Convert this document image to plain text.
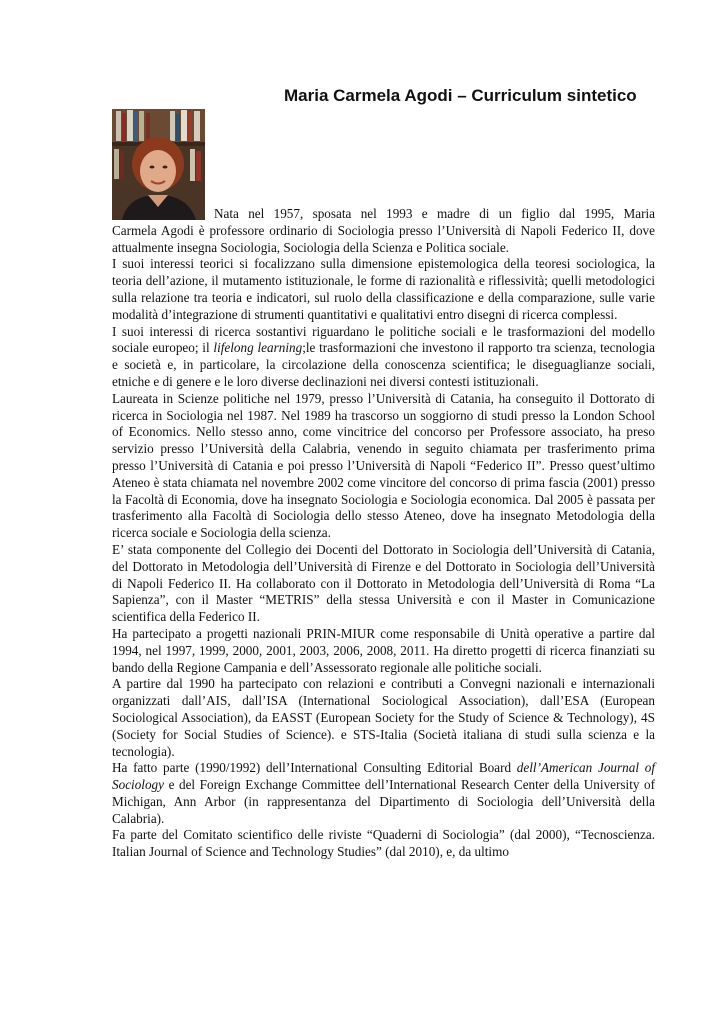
Maria Carmela Agodi – Curriculum sintetico

Nata nel 1957, sposata nel 1993 e madre di un figlio dal 1995, Maria
Carmela Agodi è professore ordinario di Sociologia presso l’Università di Napoli Federico II, dove attualmente insegna Sociologia, Sociologia della Scienza e Politica sociale.

I suoi interessi teorici si focalizzano sulla dimensione epistemologica della teoresi sociologica, la teoria dell’azione, il mutamento istituzionale, le forme di razionalità e riflessività; quelli metodologici sulla relazione tra teoria e indicatori, sul ruolo della classificazione e della comparazione, sulle varie modalità d’integrazione di strumenti quantitativi e qualitativi entro disegni di ricerca complessi.

I suoi interessi di ricerca sostantivi riguardano le politiche sociali e le trasformazioni del modello sociale europeo; il lifelong learning;le trasformazioni che investono il rapporto tra scienza, tecnologia e società e, in particolare, la circolazione della conoscenza scientifica; le diseguaglianze sociali, etniche e di genere e le loro diverse declinazioni nei diversi contesti istituzionali.

Laureata in Scienze politiche nel 1979, presso l’Università di Catania, ha conseguito il Dottorato di ricerca in Sociologia nel 1987. Nel 1989 ha trascorso un soggiorno di studi presso la London School of Economics. Nello stesso anno, come vincitrice del concorso per Professore associato, ha preso servizio presso l’Università della Calabria, venendo in seguito chiamata per trasferimento prima presso l’Università di Catania e poi presso l’Università di Napoli “Federico II”. Presso quest’ultimo Ateneo è stata chiamata nel novembre 2002 come vincitore del concorso di prima fascia (2001) presso la Facoltà di Economia, dove ha insegnato Sociologia e Sociologia economica. Dal 2005 è passata per trasferimento alla Facoltà di Sociologia dello stesso Ateneo, dove ha insegnato Metodologia della ricerca sociale e Sociologia della scienza.

E’ stata componente del Collegio dei Docenti del Dottorato in Sociologia dell’Università di Catania, del Dottorato in Metodologia dell’Università di Firenze e del Dottorato in Sociologia dell’Università di Napoli Federico II. Ha collaborato con il Dottorato in Metodologia dell’Università di Roma “La Sapienza”, con il Master “METRIS” della stessa Università e con il Master in Comunicazione scientifica della Federico II.

Ha partecipato a progetti nazionali PRIN-MIUR come responsabile di Unità operative a partire dal 1994, nel 1997, 1999, 2000, 2001, 2003, 2006, 2008, 2011. Ha diretto progetti di ricerca finanziati su bando della Regione Campania e dell’Assessorato regionale alle politiche sociali.

A partire dal 1990 ha partecipato con relazioni e contributi a Convegni nazionali e internazionali organizzati dall’AIS, dall’ISA (International Sociological Association), dall’ESA (European Sociological Association), da EASST (European Society for the Study of Science & Technology), 4S (Society for Social Studies of Science). e STS-Italia (Società italiana di studi sulla scienza e la tecnologia).

Ha fatto parte (1990/1992) dell’International Consulting Editorial Board dell’American Journal of Sociology e del Foreign Exchange Committee dell’International Research Center della University of Michigan, Ann Arbor (in rappresentanza del Dipartimento di Sociologia dell’Università della Calabria).

Fa parte del Comitato scientifico delle riviste “Quaderni di Sociologia” (dal 2000), “Tecnoscienza. Italian Journal of Science and Technology Studies” (dal 2010), e, da ultimo
